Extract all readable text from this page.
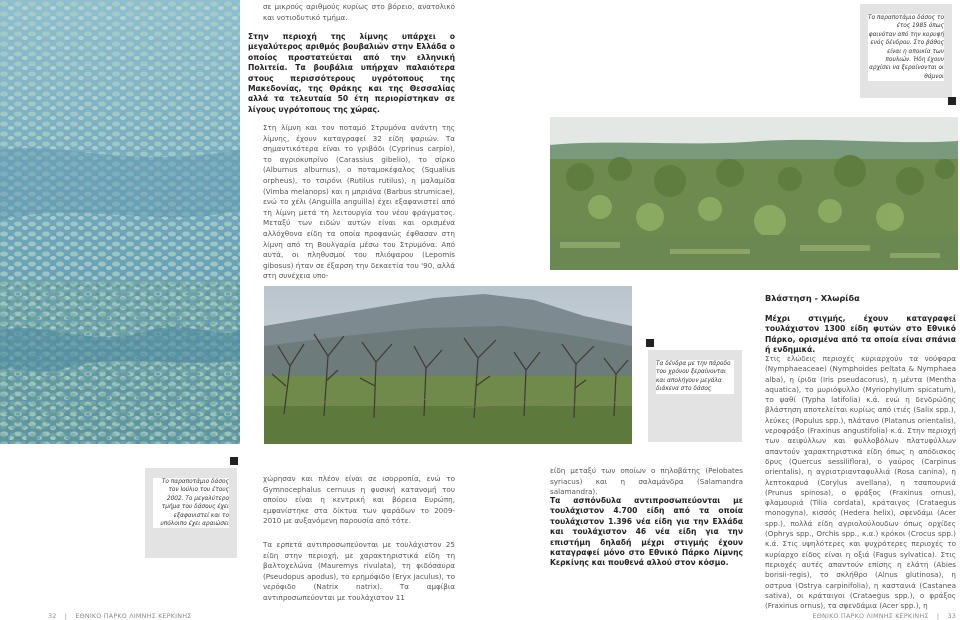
σε μικρούς αριθμούς κυρίως στο βόρειο, ανατολικό και νοτιοδυτικό τμήμα.
Στην περιοχή της λίμνης υπάρχει ο μεγαλύτερος αριθμός βουβαλιών στην Ελλάδα ο οποίος προστατεύεται από την ελληνική Πολιτεία. Τα βουβάλια υπήρχαν παλαιότερα στους περισσότερους υγρότοπους της Μακεδονίας, της Θράκης και της Θεσσαλίας αλλά τα τελευταία 50 έτη περιορίστηκαν σε λίγους υγρότοπους της χώρας.
Στη λίμνη και τον ποταμό Στρυμόνα ανάντη της λίμνης, έχουν καταγραφεί 32 είδη ψαριών. Τα σημαντικότερα είναι το γριβάδι (Cyprinus carpio), το αγριοκυπρίνο (Carassius gibelio), το σίρκο (Alburnus alburnus), ο ποταμοκέφαλος (Squalius orpheus), το τσιρόνι (Rutilus rutilus), η μαλαμίδα (Vimba melanops) και η μπριάνα (Barbus strumicae), ενώ το χέλι (Anguilla anguilla) έχει εξαφανιστεί από τη λίμνη μετά τη λειτουργία του νέου φράγματος. Μεταξύ των ειδών αυτών είναι και ορισμένα αλλόχθονα είδη τα οποία προφανώς έφθασαν στη λίμνη από τη Βουλγαρία μέσω του Στρυμόνα. Από αυτά, οι πληθυσμοί του πλιόψαρου (Lepomis gibosus) ήταν σε έξαρση την δεκαετία του '90, αλλά στη συνέχεια υπο-
Το παραποτάμιο δάσος τον Ιούλιο του έτους 2002. Το μεγαλύτερο τμήμα του δάσους έχει εξαφανιστεί και το υπόλοιπο έχει αραιώσει
χώρησαν και πλέον είναι σε ισορροπία, ενώ το Gymnocephalus cernuus η φυσική κατανομή του οποίου είναι η κεντρική και βόρεια Ευρώπη, εμφανίστηκε στα δίκτυα των ψαράδων το 2009-2010 με αυξανόμενη παρουσία από τότε.
Τα ερπετά αντιπροσωπεύονται με τουλάχιστον 25 είδη στην περιοχή, με χαρακτηριστικά είδη τη βαλτοχελώνα (Mauremys rivulata), τη φιδόσαυρα (Pseudopus apodus), το ερημόφιδο (Eryx jaculus), το νερόφιδο (Natrix natrix). Τα αμφίβια αντιπροσωπεύονται με τουλάχιστον 11
Τα δένδρα με την πάροδο του χρόνου ξεραίνονται και απολήγουν μεγάλα διάκενα στο δάσος
Το παραποτάμιο δάσος το έτος 1985 όπως φαινόταν από την κορυφή ενός δένδρου. Στο βάθος είναι η αποικία των πουλιών. Ήδη έχουν αρχίσει να ξεραίνονται οι θάμνοι
Βλάστηση - Χλωρίδα
Μέχρι στιγμής, έχουν καταγραφεί τουλάχιστον 1300 είδη φυτών στο Εθνικό Πάρκο, ορισμένα από τα οποία είναι σπάνια ή ενδημικά.
Στις ελώδεις περιοχές κυριαρχούν τα νούφαρα (Nymphaeaceae) (Nymphoides peltata & Nymphaea alba), η ίριδα (Iris pseudacorus), η μέντα (Mentha aquatica), το μυριόφυλλο (Myriophyllum spicatum), το ψαθί (Typha latifolia) κ.ά. ενώ η δενδρώδης βλάστηση αποτελείται κυρίως από ιτιές (Salix spp.), λεύκες (Populus spp.), πλάτανο (Platanus orientalis), νεροφράξο (Fraxinus angustifolia) κ.ά. Στην περιοχή των αειφύλλων και φυλλοβόλων πλατυφύλλων απαντούν χαρακτηριστικά είδη όπως η απόδισκος δρυς (Quercus sessiliflora), ο γαύρος (Carpinus orientalis), η αγριοτριανταφυλλιά (Rosa canina), η λεπτοκαρυά (Corylus avellana), η τσαπουρνιά (Prunus spinosa), ο φράξος (Fraxinus ornus), φλαμουριά (Tilia cordata), κράταιγος (Crataegus monogyna), κισσός (Hedera helix), σφενδάμι (Acer spp.), πολλά είδη αγριολούλουδων όπως ορχίδες (Ophrys spp., Orchis spp., κ.α.) κρόκοι (Crocus spp.) κ.ά. Στις υψηλότερες και ψυχρότερες περιοχές το κυρίαρχο είδος είναι η οξιά (Fagus sylvatica). Στις περιοχές αυτές απαντούν επίσης η ελάτη (Abies borisii-regis), το σκλήθρο (Alnus glutinosa), η οστρυα (Ostrya carpinifolia), η καστανιά (Castanea sativa), οι κράταιγοι (Crataegus spp.), ο φράξος (Fraxinus ornus), τα σφενδάμια (Acer spp.), η
είδη μεταξύ των οποίων ο πηλοβάτης (Pelobates syriacus) και η σαλαμάνδρα (Salamandra salamandra).
Τα ασπόνδυλα αντιπροσωπεύονται με τουλάχιστον 4.700 είδη από τα οποία τουλάχιστον 1.396 νέα είδη για την Ελλάδα και τουλάχιστον 46 νέα είδη για την επιστήμη δηλαδή μέχρι στιγμής έχουν καταγραφεί μόνο στο Εθνικό Πάρκο Λίμνης Κερκίνης και πουθενά αλλού στον κόσμο.
32 | ΕΘΝΙΚΟ ΠΑΡΚΟ ΛΙΜΝΗΣ ΚΕΡΚΙΝΗΣ	ΕΘΝΙΚΟ ΠΑΡΚΟ ΛΙΜΝΗΣ ΚΕΡΚΙΝΗΣ | 33
